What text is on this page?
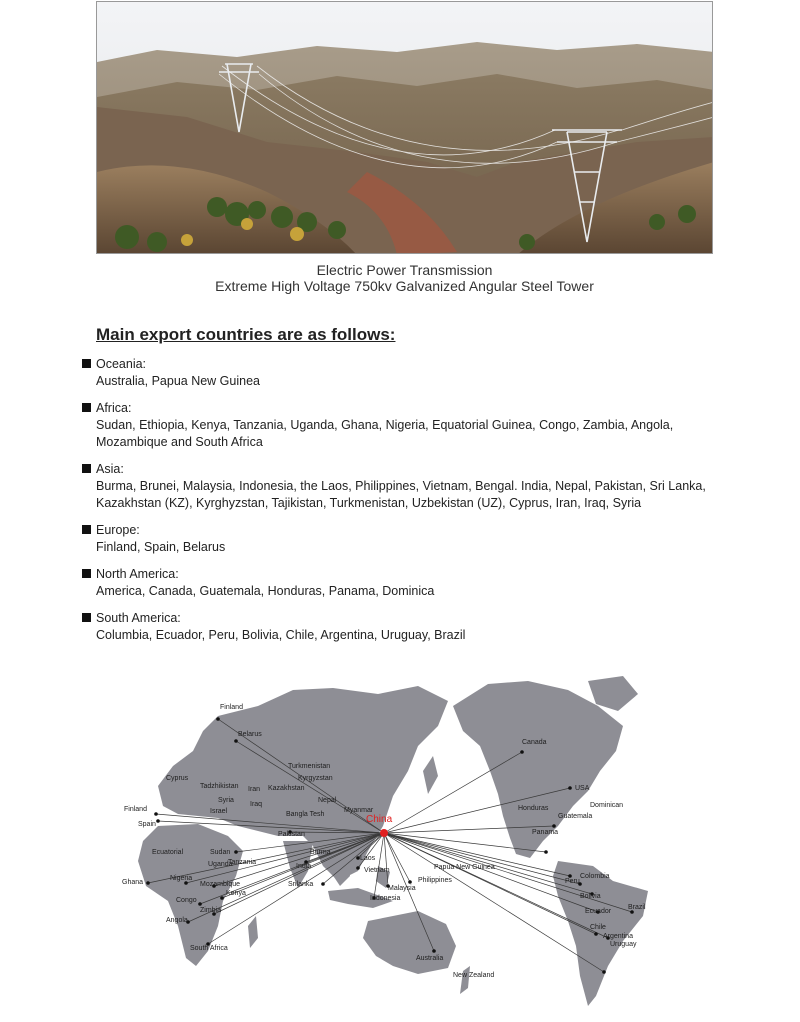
Electric Power Transmission
Extreme High Voltage 750kv Galvanized Angular Steel Tower
Main export countries are as follows:
Oceania:
Australia, Papua New Guinea
Africa:
Sudan, Ethiopia, Kenya, Tanzania, Uganda, Ghana, Nigeria, Equatorial Guinea, Congo, Zambia, Angola, Mozambique and South Africa
Asia:
Burma, Brunei, Malaysia, Indonesia, the Laos, Philippines, Vietnam, Bengal. India, Nepal, Pakistan, Sri Lanka, Kazakhstan (KZ), Kyrghyzstan, Tajikistan, Turkmenistan, Uzbekistan (UZ), Cyprus, Iran, Iraq, Syria
Europe:
Finland, Spain, Belarus
North America:
America, Canada, Guatemala, Honduras, Panama, Dominica
South America:
Columbia, Ecuador, Peru, Bolivia, Chile, Argentina, Uruguay, Brazil
Finland
Belarus
Turkmenistan
Kyrgyzstan
Cyprus
Tadzhikistan Iran Kazakhstan
Syria
Israel
Iraq
Bangla Tesh
Nepal
Myanmar
Finland
Spain
Pakistan
Ecuatorial	Sudan
Uganda
Tanzania
Burma
India
Nigeria
Ghana	Mozambique
Kenya
Congo
Zimbia
Angola
South Africa
Srilanka
Laos
Vietnam
Malaysia
Indonesia
Philippines
Papua New Guinea
Australia
New Zealand
Canada
USA
Honduras	Dominican
Guatemala
Panama
Colombia
Peru
Bolivia
Ecuador
Brazil
Chile
Argentina
Uruguay
China
